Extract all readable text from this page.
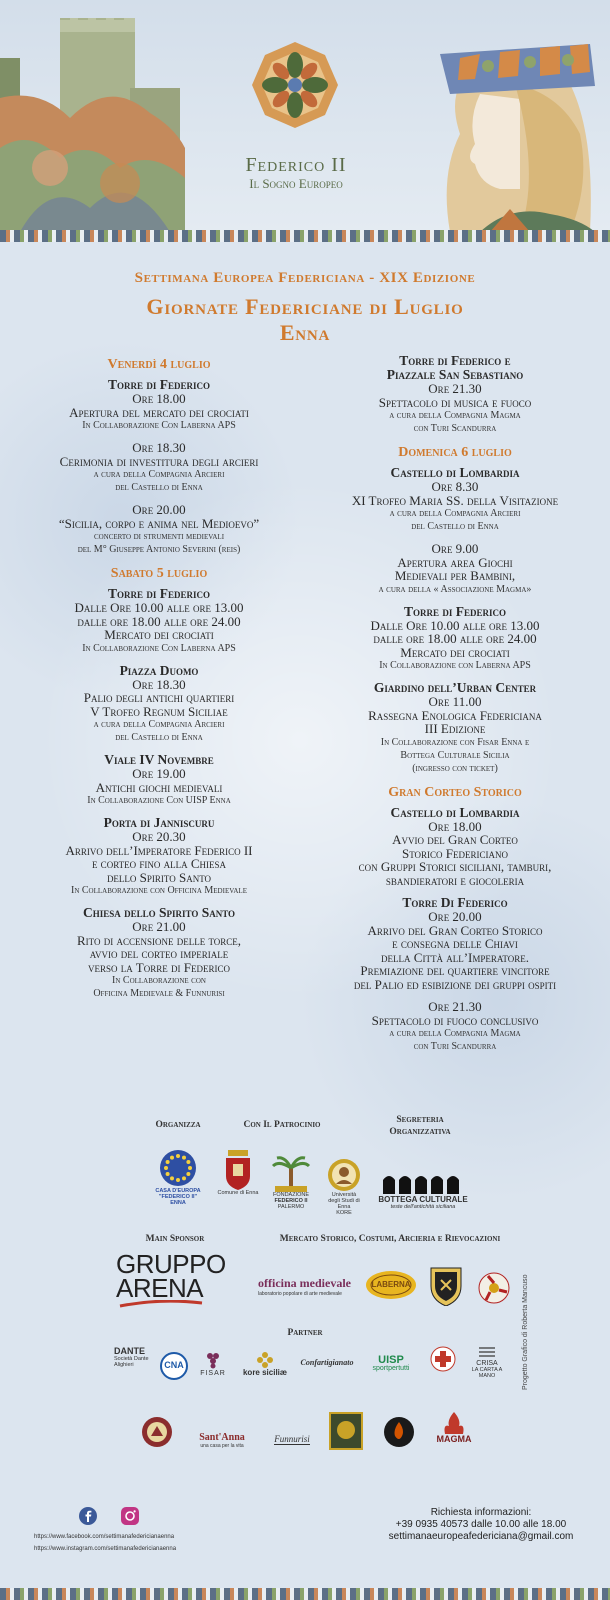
Federico II
Il Sogno Europeo
Settimana Europea Federiciana - XIX Edizione
Giornate Federiciane di Luglio
Enna
Venerdì 4 luglio
Torre di Federico
Ore 18.00
Apertura del mercato dei crociati
In Collaborazione Con Laberna APS
Ore 18.30
Cerimonia di investitura degli arcieri
a cura della Compagnia Arcieri
del Castello di Enna
Ore 20.00
“Sicilia, corpo e anima nel Medioevo”
concerto di strumenti medievali
del M° Giuseppe Antonio Severini (reis)
Sabato 5 luglio
Torre di Federico
Dalle Ore 10.00 alle ore 13.00
dalle ore 18.00 alle ore 24.00
Mercato dei crociati
In Collaborazione Con Laberna APS
Piazza Duomo
Ore 18.30
Palio degli antichi quartieri
V Trofeo Regnum Siciliae
a cura della Compagnia Arcieri
del Castello di Enna
Viale IV Novembre
Ore 19.00
Antichi giochi medievali
In Collaborazione Con UISP Enna
Porta di Janniscuru
Ore 20.30
Arrivo dell’Imperatore Federico II
e corteo fino alla Chiesa
dello Spirito Santo
In Collaborazione con Officina Medievale
Chiesa dello Spirito Santo
Ore 21.00
Rito di accensione delle torce,
avvio del corteo imperiale
verso la Torre di Federico
In Collaborazione con
Officina Medievale & Funnurisi
Torre di Federico e
Piazzale San Sebastiano
Ore 21.30
Spettacolo di musica e fuoco
a cura della Compagnia Magma
con Turi Scandurra
Domenica 6 luglio
Castello di Lombardia
Ore 8.30
XI Trofeo Maria SS. della Visitazione
a cura della Compagnia Arcieri
del Castello di Enna
Ore 9.00
Apertura area Giochi
Medievali per Bambini,
a cura della « Associazione Magma»
Torre di Federico
Dalle Ore 10.00 alle ore 13.00
dalle ore 18.00 alle ore 24.00
Mercato dei crociati
In Collaborazione con Laberna APS
Giardino dell’Urban Center
Ore 11.00
Rassegna Enologica Federiciana
III Edizione
In Collaborazione con Fisar Enna e
Bottega Culturale Sicilia
(ingresso con ticket)
Gran Corteo Storico
Castello di Lombardia
Ore 18.00
Avvio del Gran Corteo
Storico Federiciano
con Gruppi Storici siciliani, tamburi,
sbandieratori e giocoleria
Torre Di Federico
Ore 20.00
Arrivo del Gran Corteo Storico
e consegna delle Chiavi
della Città all’Imperatore.
Premiazione del quartiere vincitore
del Palio ed esibizione dei gruppi ospiti
Ore 21.30
Spettacolo di fuoco conclusivo
a cura della Compagnia Magma
con Turi Scandurra
Organizza	Con Il Patrocinio	Segreteria
Organizzativa
CASA D'EUROPA
"FEDERICO II"
ENNA
Comune di Enna	FONDAZIONE
FEDERICO II
PALERMO
Università
degli Studi di Enna
KORE
BOTTEGA CULTURALE
teste dell'antichità siciliana
Main Sponsor	Mercato Storico, Costumi, Arcieria e Rievocazioni
GRUPPO
ARENA	officina medievale
laboratorio popolare di arte medievale
LABERNA
Partner
DANTE
Società Dante Alighieri	CNA
FISAR kore siciliæ
Confartigianato UISP
sportpertutti
CRISA
LA CARTA A MANO
Sant'Anna
una casa per la vita
Funnurisi	MAGMA
https://www.facebook.com/settimanafedericianaenna
https://www.instagram.com/settimanafedericianaenna
Richiesta informazioni:
+39 0935 40573 dalle 10.00 alle 18.00
settimanaeuropeafedericiana@gmail.com
Progetto Grafico di Roberta Mancuso
